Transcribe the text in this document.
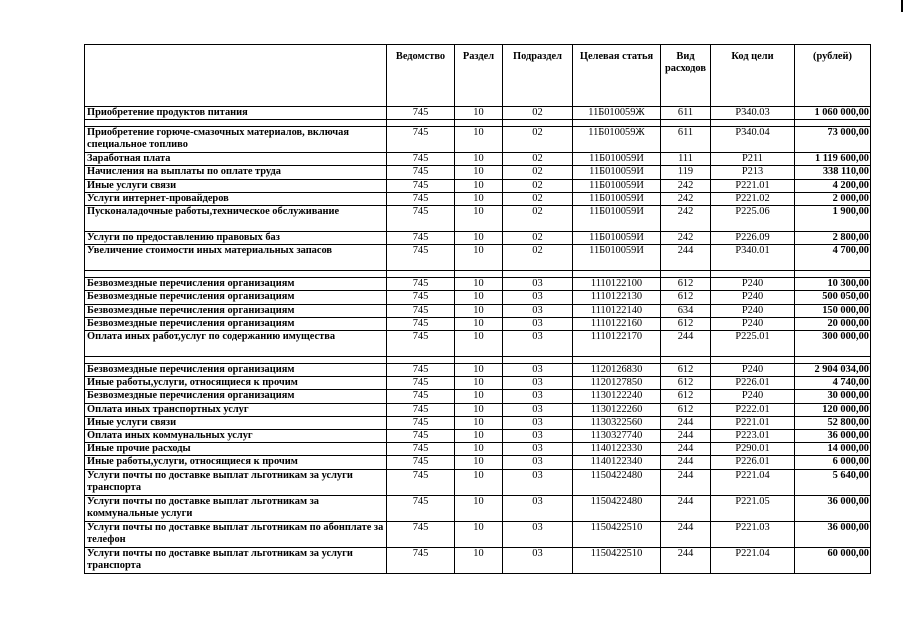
	Ведомство	Раздел	Подраздел	Целевая статья	Вид расходов	Код цели	(рублей)
Приобретение продуктов питания	745	10	02	11Б010059Ж	611	Р340.03	1 060 000,00

Приобретение горюче-смазочных материалов, включая специальное топливо	745	10	02	11Б010059Ж	611	Р340.04	73 000,00
Заработная плата	745	10	02	11Б010059И	111	Р211	1 119 600,00
Начисления на выплаты по оплате труда	745	10	02	11Б010059И	119	Р213	338 110,00
Иные услуги связи	745	10	02	11Б010059И	242	Р221.01	4 200,00
Услуги интернет-провайдеров	745	10	02	11Б010059И	242	Р221.02	2 000,00
Пусконаладочные работы,техническое обслуживание	745	10	02	11Б010059И	242	Р225.06	1 900,00
Услуги по предоставлению правовых баз	745	10	02	11Б010059И	242	Р226.09	2 800,00
Увеличение стоимости иных материальных запасов	745	10	02	11Б010059И	244	Р340.01	4 700,00

Безвозмездные перечисления организациям	745	10	03	1110122100	612	Р240	10 300,00
Безвозмездные перечисления организациям	745	10	03	1110122130	612	Р240	500 050,00
Безвозмездные перечисления организациям	745	10	03	1110122140	634	Р240	150 000,00
Безвозмездные перечисления организациям	745	10	03	1110122160	612	Р240	20 000,00
Оплата иных работ,услуг по содержанию имущества	745	10	03	1110122170	244	Р225.01	300 000,00

Безвозмездные перечисления организациям	745	10	03	1120126830	612	Р240	2 904 034,00
Иные работы,услуги, относящиеся к прочим	745	10	03	1120127850	612	Р226.01	4 740,00
Безвозмездные перечисления организациям	745	10	03	1130122240	612	Р240	30 000,00
Оплата иных транспортных услуг	745	10	03	1130122260	612	Р222.01	120 000,00
Иные услуги связи	745	10	03	1130322560	244	Р221.01	52 800,00
Оплата иных коммунальных услуг	745	10	03	1130327740	244	Р223.01	36 000,00
Иные прочие расходы	745	10	03	1140122330	244	Р290.01	14 000,00
Иные работы,услуги, относящиеся к прочим	745	10	03	1140122340	244	Р226.01	6 000,00
Услуги почты по доставке выплат льготникам за услуги транспорта	745	10	03	1150422480	244	Р221.04	5 640,00
Услуги почты по доставке выплат льготникам за коммунальные услуги	745	10	03	1150422480	244	Р221.05	36 000,00
Услуги почты по доставке выплат льготникам по абонплате за телефон	745	10	03	1150422510	244	Р221.03	36 000,00
Услуги почты по доставке выплат льготникам за услуги транспорта	745	10	03	1150422510	244	Р221.04	60 000,00
